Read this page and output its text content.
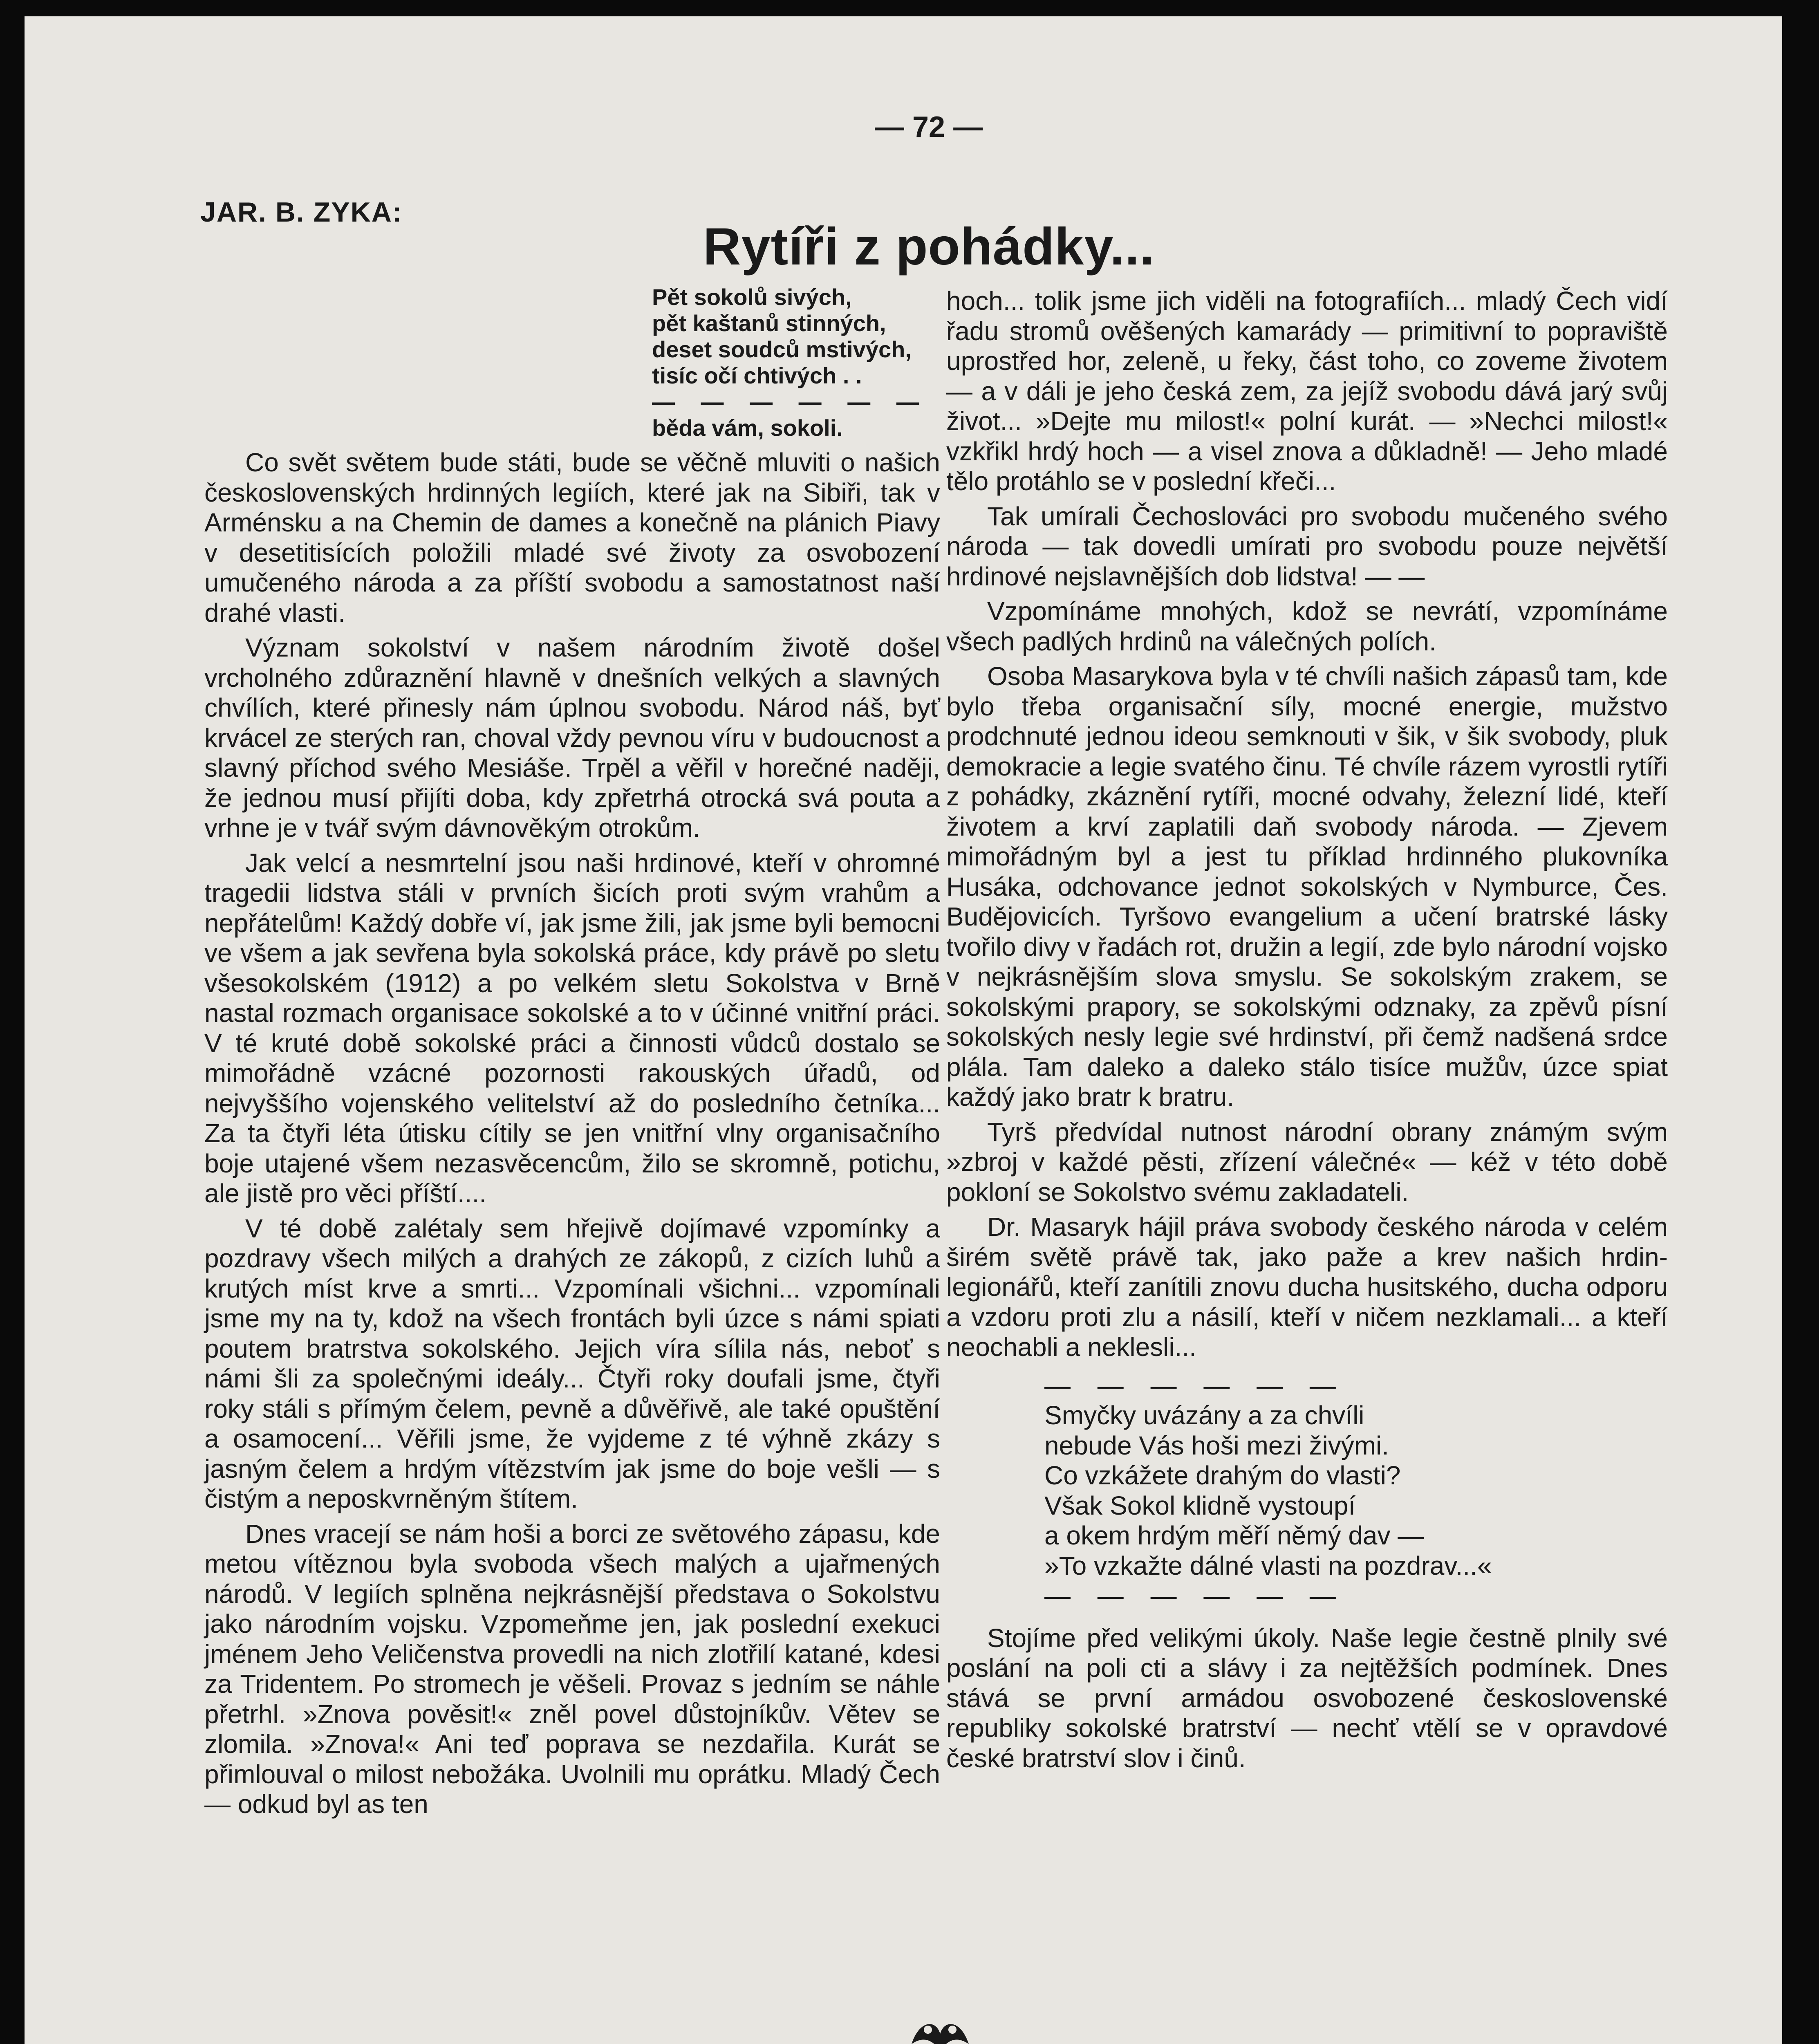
— 72 —
JAR. B. ZYKA:
Rytíři z pohádky...
Pět sokolů sivých,
pět kaštanů stinných,
deset soudců mstivých,
tisíc očí chtivých . .
— — — — — —
běda vám, sokoli.

Co svět světem bude státi, bude se věčně mluviti o našich československých hrdinných legiích, které jak na Sibiři, tak v Arménsku a na Chemin de dames a konečně na plánich Piavy v desetitisících položili mladé své životy za osvobození umučeného národa a za příští svobodu a samostatnost naší drahé vlasti.

Význam sokolství v našem národním životě došel vrcholného zdůraznění hlavně v dnešních velkých a slavných chvílích, které přinesly nám úplnou svobodu. Národ náš, byť krvácel ze sterých ran, choval vždy pevnou víru v budoucnost a slavný příchod svého Mesiáše. Trpěl a věřil v horečné naději, že jednou musí přijíti doba, kdy zpřetrhá otrocká svá pouta a vrhne je v tvář svým dávnověkým otrokům.

Jak velcí a nesmrtelní jsou naši hrdinové, kteří v ohromné tragedii lidstva stáli v prvních šicích proti svým vrahům a nepřátelům! Každý dobře ví, jak jsme žili, jak jsme byli bemocni ve všem a jak sevřena byla sokolská práce, kdy právě po sletu všesokolském (1912) a po velkém sletu Sokolstva v Brně nastal rozmach organisace sokolské a to v účinné vnitřní práci. V té kruté době sokolské práci a činnosti vůdců dostalo se mimořádně vzácné pozornosti rakouských úřadů, od nejvyššího vojenského velitelství až do posledního četníka... Za ta čtyři léta útisku cítily se jen vnitřní vlny organisačního boje utajené všem nezasvěcencům, žilo se skromně, potichu, ale jistě pro věci příští....

V té době zalétaly sem hřejivě dojímavé vzpomínky a pozdravy všech milých a drahých ze zákopů, z cizích luhů a krutých míst krve a smrti... Vzpomínali všichni... vzpomínali jsme my na ty, kdož na všech frontách byli úzce s námi spiati poutem bratrstva sokolského. Jejich víra sílila nás, neboť s námi šli za společnými ideály... Čtyři roky doufali jsme, čtyři roky stáli s přímým čelem, pevně a důvěřivě, ale také opuštění a osamocení... Věřili jsme, že vyjdeme z té výhně zkázy s jasným čelem a hrdým vítězstvím jak jsme do boje vešli — s čistým a neposkvrněným štítem.

Dnes vracejí se nám hoši a borci ze světového zápasu, kde metou vítěznou byla svoboda všech malých a ujařmených národů. V legiích splněna nejkrásnější představa o Sokolstvu jako národním vojsku. Vzpomeňme jen, jak poslední exekuci jménem Jeho Veličenstva provedli na nich zlotřilí katané, kdesi za Tridentem. Po stromech je věšeli. Provaz s jedním se náhle přetrhl. »Znova pověsit!« zněl povel důstojníkův. Větev se zlomila. »Znova!« Ani teď poprava se nezdařila. Kurát se přimlouval o milost nebožáka. Uvolnili mu oprátku. Mladý Čech — odkud byl as ten

hoch... tolik jsme jich viděli na fotografiích... mladý Čech vidí řadu stromů ověšených kamarády — primitivní to popraviště uprostřed hor, zeleně, u řeky, část toho, co zoveme životem — a v dáli je jeho česká zem, za jejíž svobodu dává jarý svůj život... »Dejte mu milost!« polní kurát. — »Nechci milost!« vzkřikl hrdý hoch — a visel znova a důkladně! — Jeho mladé tělo protáhlo se v poslední křeči...

Tak umírali Čechoslováci pro svobodu mučeného svého národa — tak dovedli umírati pro svobodu pouze největší hrdinové nejslavnějších dob lidstva! — —

Vzpomínáme mnohých, kdož se nevrátí, vzpomínáme všech padlých hrdinů na válečných polích.

Osoba Masarykova byla v té chvíli našich zápasů tam, kde bylo třeba organisační síly, mocné energie, mužstvo prodchnuté jednou ideou semknouti v šik, v šik svobody, pluk demokracie a legie svatého činu. Té chvíle rázem vyrostli rytíři z pohádky, zkáznění rytíři, mocné odvahy, železní lidé, kteří životem a krví zaplatili daň svobody národa. — Zjevem mimořádným byl a jest tu příklad hrdinného plukovníka Husáka, odchovance jednot sokolských v Nymburce, Čes. Budějovicích. Tyršovo evangelium a učení bratrské lásky tvořilo divy v řadách rot, družin a legií, zde bylo národní vojsko v nejkrásnějším slova smyslu. Se sokolským zrakem, se sokolskými prapory, se sokolskými odznaky, za zpěvů písní sokolských nesly legie své hrdinství, při čemž nadšená srdce plála. Tam daleko a daleko stálo tisíce mužův, úzce spiat každý jako bratr k bratru.

Tyrš předvídal nutnost národní obrany známým svým »zbroj v každé pěsti, zřízení válečné« — kéž v této době pokloní se Sokolstvo svému zakladateli.

Dr. Masaryk hájil práva svobody českého národa v celém širém světě právě tak, jako paže a krev našich hrdin-legionářů, kteří zanítili znovu ducha husitského, ducha odporu a vzdoru proti zlu a násilí, kteří v ničem nezklamali... a kteří neochabli a neklesli...

— — — — — —
Smyčky uvázány a za chvíli
nebude Vás hoši mezi živými.
Co vzkážete drahým do vlasti?
Však Sokol klidně vystoupí
a okem hrdým měří němý dav —
»To vzkažte dálné vlasti na pozdrav...«
— — — — — —

Stojíme před velikými úkoly. Naše legie čestně plnily své poslání na poli cti a slávy i za nejtěžších podmínek. Dnes stává se první armádou osvobozené československé republiky sokolské bratrství — nechť vtělí se v opravdové české bratrství slov i činů.
